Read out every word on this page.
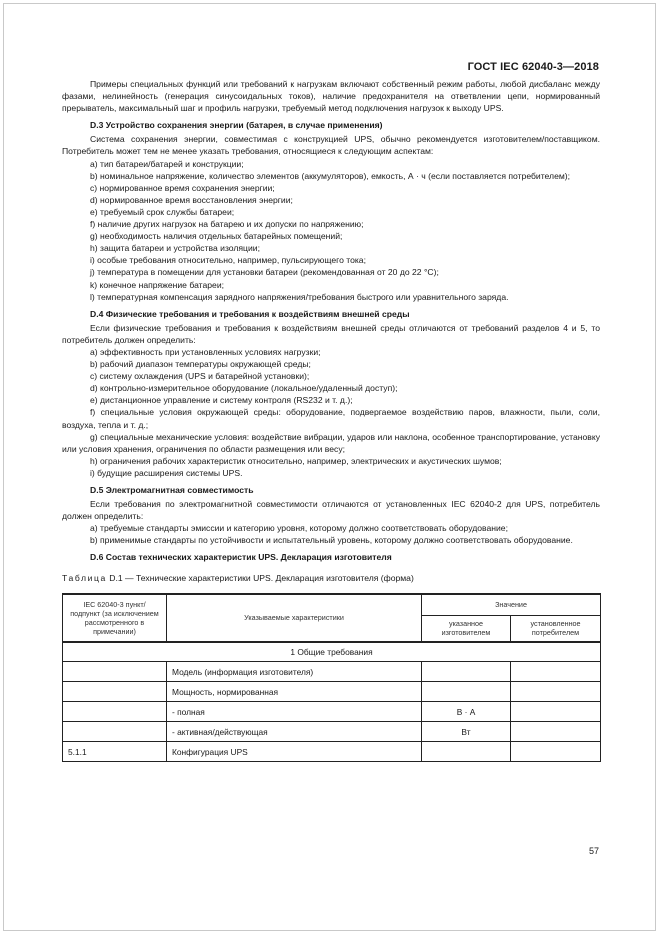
ГОСТ IEC 62040-3—2018

Примеры специальных функций или требований к нагрузкам включают собственный режим работы, любой дисбаланс между фазами, нелинейность (генерация синусоидальных токов), наличие предохранителя на ответвлении цепи, нормированный прерыватель, максимальный шаг и профиль нагрузки, требуемый метод подключения нагрузок к выходу UPS.

D.3 Устройство сохранения энергии (батарея, в случае применения)

Система сохранения энергии, совместимая с конструкцией UPS, обычно рекомендуется изготовителем/поставщиком. Потребитель может тем не менее указать требования, относящиеся к следующим аспектам:

a) тип батареи/батарей и конструкции;

b) номинальное напряжение, количество элементов (аккумуляторов), емкость, А · ч (если поставляется потребителем);

c) нормированное время сохранения энергии;

d) нормированное время восстановления энергии;

e) требуемый срок службы батареи;

f) наличие других нагрузок на батарею и их допуски по напряжению;

g) необходимость наличия отдельных батарейных помещений;

h) защита батареи и устройства изоляции;

i) особые требования относительно, например, пульсирующего тока;

j) температура в помещении для установки батареи (рекомендованная от 20 до 22 °С);

k) конечное напряжение батареи;

l) температурная компенсация зарядного напряжения/требования быстрого или уравнительного заряда.

D.4 Физические требования и требования к воздействиям внешней среды

Если физические требования и требования к воздействиям внешней среды отличаются от требований разделов 4 и 5, то потребитель должен определить:

a) эффективность при установленных условиях нагрузки;

b) рабочий диапазон температуры окружающей среды;

c) систему охлаждения (UPS и батарейной установки);

d) контрольно-измерительное оборудование (локальное/удаленный доступ);

e) дистанционное управление и систему контроля (RS232 и т. д.);

f) специальные условия окружающей среды: оборудование, подвергаемое воздействию паров, влажности, пыли, соли, воздуха, тепла и т. д.;

g) специальные механические условия: воздействие вибрации, ударов или наклона, особенное транспортирование, установку или условия хранения, ограничения по области размещения или весу;

h) ограничения рабочих характеристик относительно, например, электрических и акустических шумов;

i) будущие расширения системы UPS.

D.5 Электромагнитная совместимость

Если требования по электромагнитной совместимости отличаются от установленных IEC 62040-2 для UPS, потребитель должен определить:

a) требуемые стандарты эмиссии и категорию уровня, которому должно соответствовать оборудование;

b) применимые стандарты по устойчивости и испытательный уровень, которому должно соответствовать оборудование.

D.6 Состав технических характеристик UPS. Декларация изготовителя
Таблица D.1 — Технические характеристики UPS. Декларация изготовителя (форма)
IEC 62040-3 пункт/ подпункт (за исключением рассмотренного в примечании)	Указываемые характеристики	Значение	
		указанное изготовителем	установленное потребителем
1 Общие требования			
	Модель (информация изготовителя)		
	Мощность, нормированная		
	- полная	В · А	
	- активная/действующая	Вт	
5.1.1	Конфигурация UPS		
57
